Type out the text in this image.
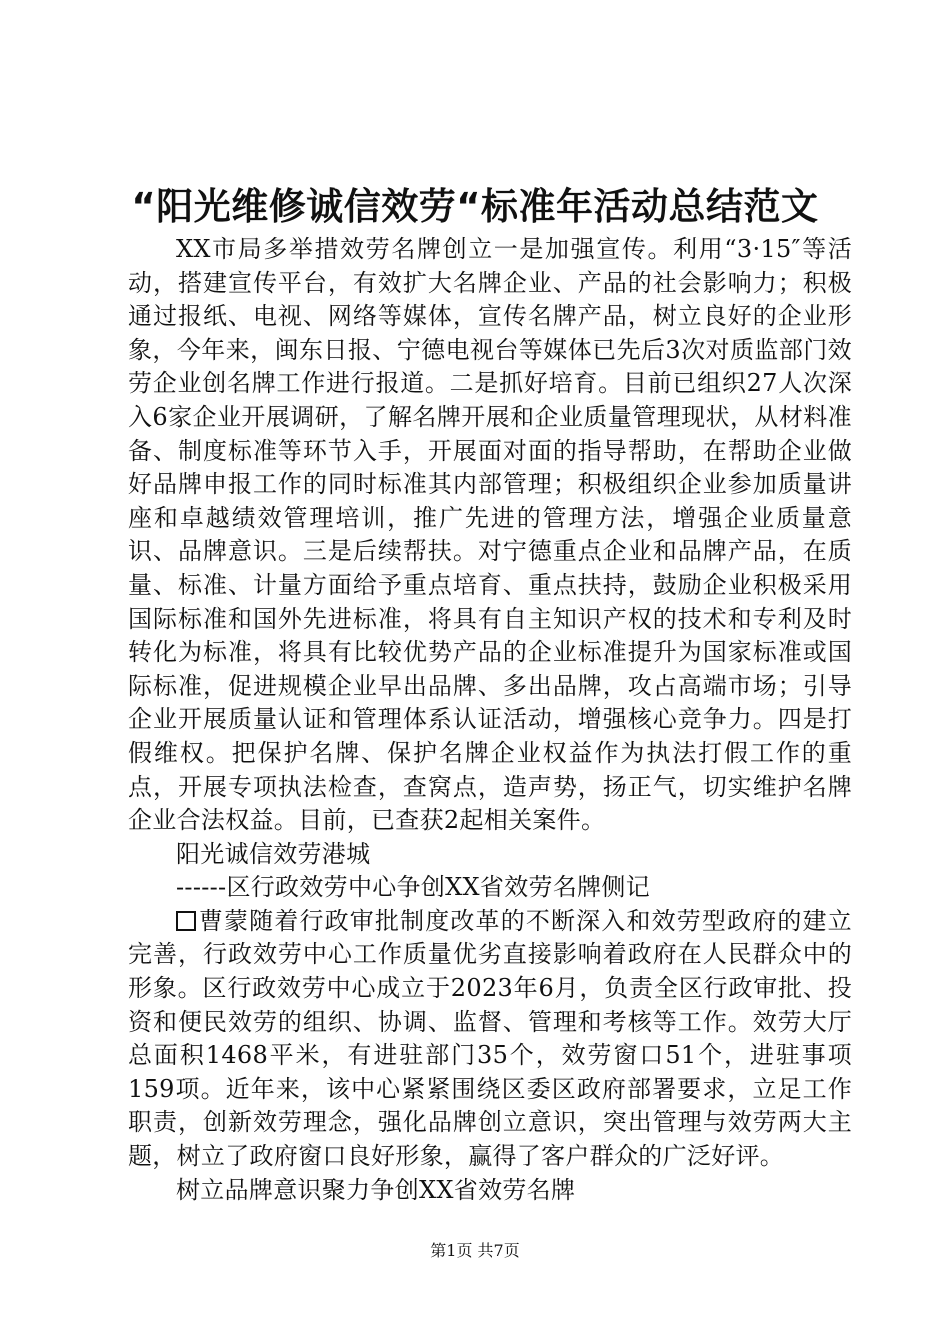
“阳光维修诚信效劳“标准年活动总结范文

XX市局多举措效劳名牌创立一是加强宣传。利用“3·15″等活动，搭建宣传平台，有效扩大名牌企业、产品的社会影响力；积极通过报纸、电视、网络等媒体，宣传名牌产品，树立良好的企业形象，今年来，闽东日报、宁德电视台等媒体已先后3次对质监部门效劳企业创名牌工作进行报道。二是抓好培育。目前已组织27人次深入6家企业开展调研，了解名牌开展和企业质量管理现状，从材料准备、制度标准等环节入手，开展面对面的指导帮助，在帮助企业做好品牌申报工作的同时标准其内部管理；积极组织企业参加质量讲座和卓越绩效管理培训，推广先进的管理方法，增强企业质量意识、品牌意识。三是后续帮扶。对宁德重点企业和品牌产品，在质量、标准、计量方面给予重点培育、重点扶持，鼓励企业积极采用国际标准和国外先进标准，将具有自主知识产权的技术和专利及时转化为标准，将具有比较优势产品的企业标准提升为国家标准或国际标准，促进规模企业早出品牌、多出品牌，攻占高端市场；引导企业开展质量认证和管理体系认证活动，增强核心竞争力。四是打假维权。把保护名牌、保护名牌企业权益作为执法打假工作的重点，开展专项执法检查，查窝点，造声势，扬正气，切实维护名牌企业合法权益。目前，已查获2起相关案件。

阳光诚信效劳港城

------区行政效劳中心争创XX省效劳名牌侧记

曹蒙随着行政审批制度改革的不断深入和效劳型政府的建立完善，行政效劳中心工作质量优劣直接影响着政府在人民群众中的形象。区行政效劳中心成立于2023年6月，负责全区行政审批、投资和便民效劳的组织、协调、监督、管理和考核等工作。效劳大厅总面积1468平米，有进驻部门35个，效劳窗口51个，进驻事项159项。近年来，该中心紧紧围绕区委区政府部署要求，立足工作职责，创新效劳理念，强化品牌创立意识，突出管理与效劳两大主题，树立了政府窗口良好形象，赢得了客户群众的广泛好评。

树立品牌意识聚力争创XX省效劳名牌

第1页 共7页
